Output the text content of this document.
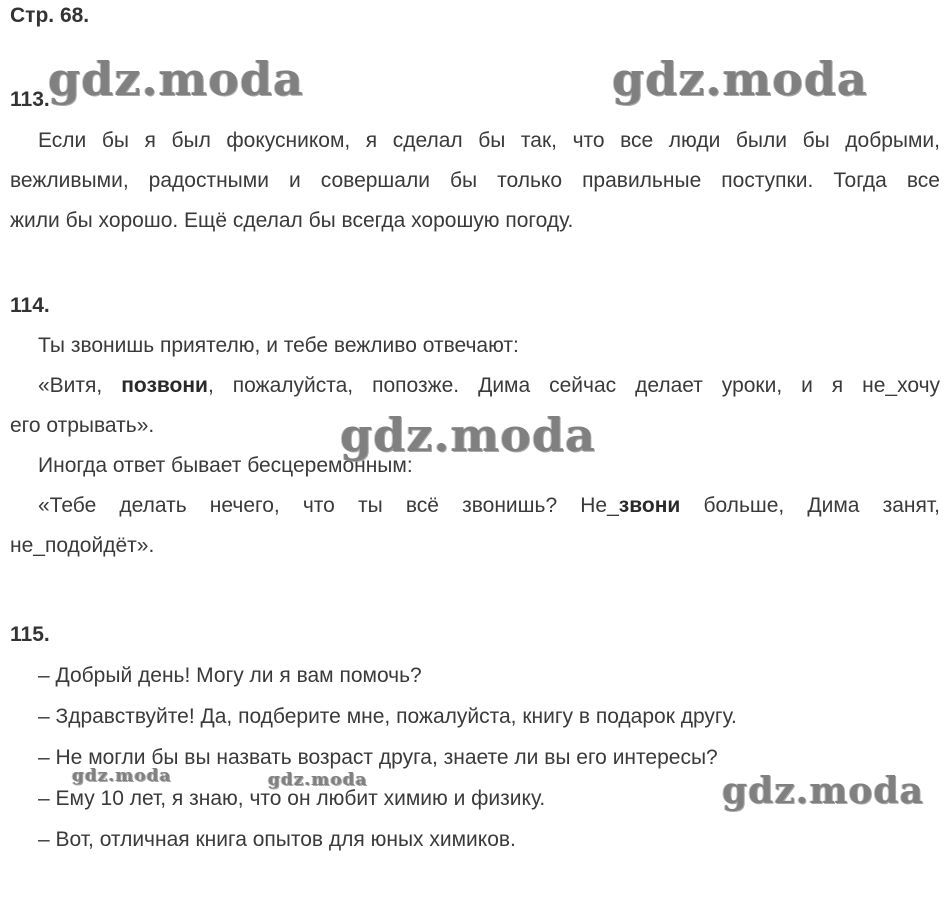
Стр. 68.
113.

Если бы я был фокусником, я сделал бы так, что все люди были бы добрыми,

вежливыми, радостными и совершали бы только правильные поступки. Тогда все
жили бы хорошо. Ещё сделал бы всегда хорошую погоду.
114.

Ты звонишь приятелю, и тебе вежливо отвечают:

«Витя, позвони, пожалуйста, попозже. Дима сейчас делает уроки, и я не_хочу

его отрывать».

Иногда ответ бывает бесцеремонным:

«Тебе делать нечего, что ты всё звонишь? Не_звони больше, Дима занят,

не_подойдёт».
115.
– Добрый день! Могу ли я вам помочь?
– Здравствуйте! Да, подберите мне, пожалуйста, книгу в подарок другу.
– Не могли бы вы назвать возраст друга, знаете ли вы его интересы?
– Ему 10 лет, я знаю, что он любит химию и физику.
– Вот, отличная книга опытов для юных химиков.
gdz.moda	gdz.moda
gdz.moda
gdz.moda
gdz.moda	gdz.moda
